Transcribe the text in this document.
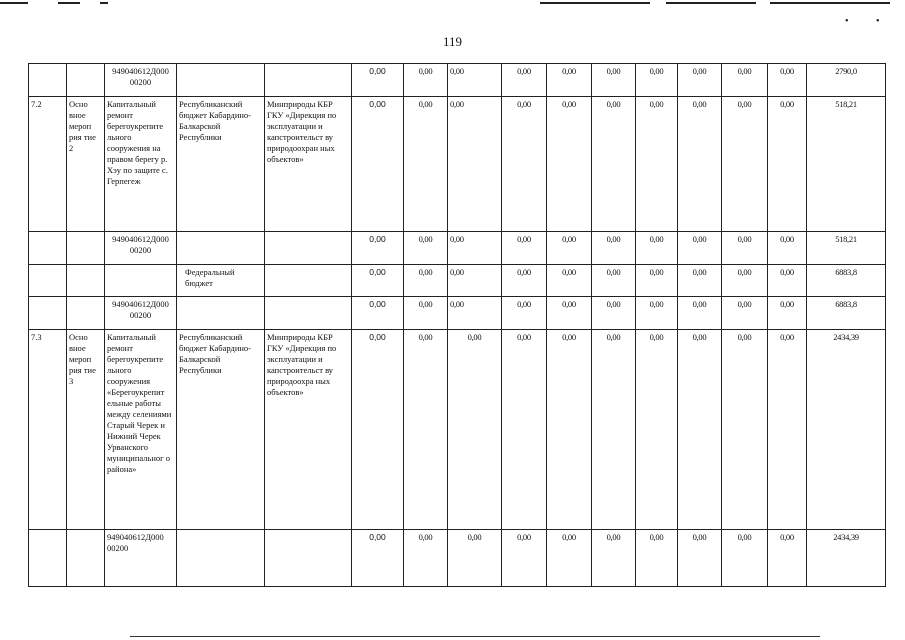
•	•
119
		949040612Д000 00200			0,00	0,00	0,00	0,00	0,00	0,00	0,00	0,00	0,00	0,00	2790,0
7.2	Осно вное мероп рия тие 2	Капитальный ремонт берегоукрепите льного сооружения на правом берегу р. Хэу по защите с. Герпегеж	Республиканский бюджет Кабардино- Балкарской Республики	Минприроды КБР ГКУ «Дирекция по эксплуатации и капстроительст ву природоохран ных объектов»	0,00	0,00	0,00	0,00	0,00	0,00	0,00	0,00	0,00	0,00	518,21
		949040612Д000 00200			0,00	0,00	0,00	0,00	0,00	0,00	0,00	0,00	0,00	0,00	518,21
			Федеральный бюджет		0,00	0,00	0,00	0,00	0,00	0,00	0,00	0,00	0,00	0,00	6883,8
		949040612Д000 00200			0,00	0,00	0,00	0,00	0,00	0,00	0,00	0,00	0,00	0,00	6883,8
7.3	Осно вное мероп рия тие 3	Капитальный ремонт берегоукрепите льного сооружения «Берегоукрепит ельные работы между селениями Старый Черек и Нижний Черек Урванского муниципальног о района»	Республиканский бюджет Кабардино- Балкарской Республики	Минприроды КБР ГКУ «Дирекция по эксплуатации и капстроительст ву природоохра ных объектов»	0,00	0,00	0,00	0,00	0,00	0,00	0,00	0,00	0,00	0,00	2434,39
		949040612Д000 00200			0,00	0,00	0,00	0,00	0,00	0,00	0,00	0,00	0,00	0,00	2434,39
